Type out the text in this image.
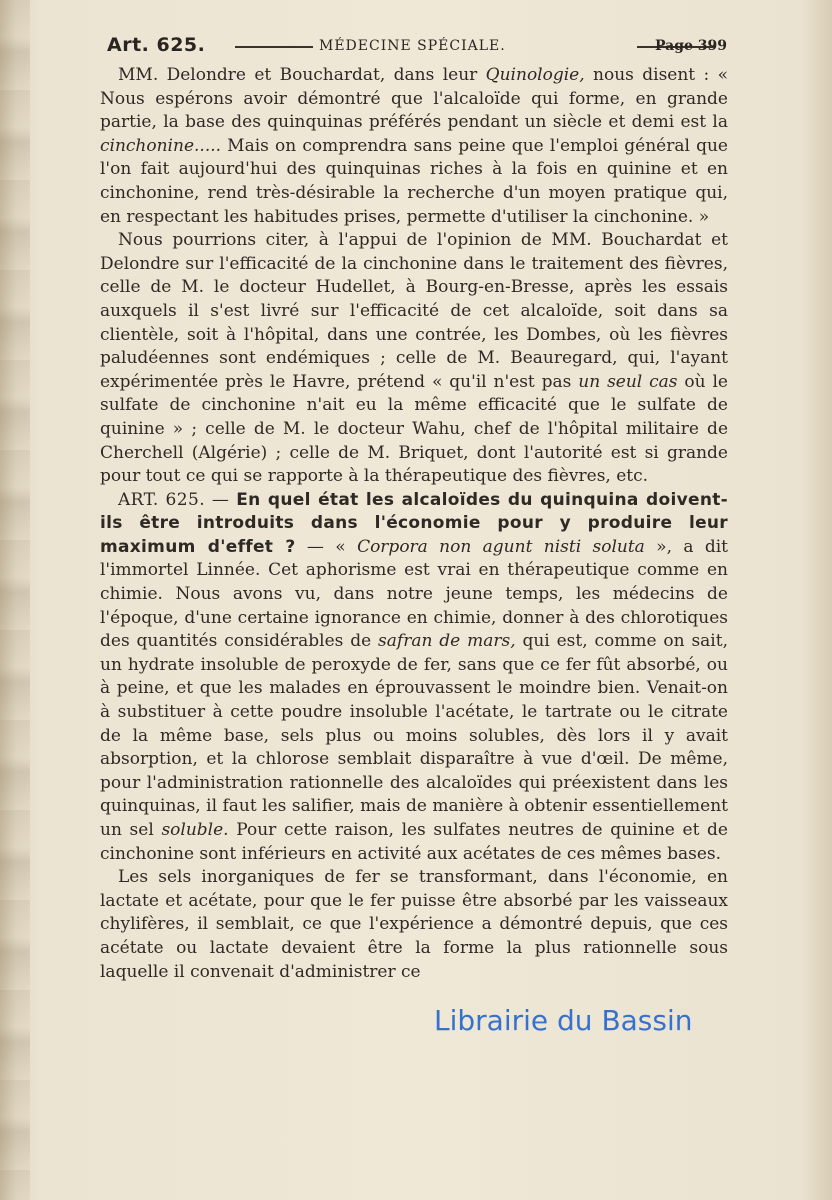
Art. 625.	MÉDECINE SPÉCIALE.	Page 399

MM. Delondre et Bouchardat, dans leur Quinologie, nous disent : « Nous espérons avoir démontré que l'alcaloïde qui forme, en grande partie, la base des quinquinas préférés pendant un siècle et demi est la cinchonine..... Mais on comprendra sans peine que l'emploi général que l'on fait aujourd'hui des quinquinas riches à la fois en quinine et en cinchonine, rend très-désirable la recherche d'un moyen pratique qui, en respectant les habitudes prises, permette d'utiliser la cinchonine. »

Nous pourrions citer, à l'appui de l'opinion de MM. Bouchardat et Delondre sur l'efficacité de la cinchonine dans le traitement des fièvres, celle de M. le docteur Hudellet, à Bourg-en-Bresse, après les essais auxquels il s'est livré sur l'efficacité de cet alcaloïde, soit dans sa clientèle, soit à l'hôpital, dans une contrée, les Dombes, où les fièvres paludéennes sont endémiques ; celle de M. Beauregard, qui, l'ayant expérimentée près le Havre, prétend « qu'il n'est pas un seul cas où le sulfate de cinchonine n'ait eu la même efficacité que le sulfate de quinine » ; celle de M. le docteur Wahu, chef de l'hôpital militaire de Cherchell (Algérie) ; celle de M. Briquet, dont l'autorité est si grande pour tout ce qui se rapporte à la thérapeutique des fièvres, etc.

ART. 625. — En quel état les alcaloïdes du quinquina doivent-ils être introduits dans l'économie pour y produire leur maximum d'effet ? — « Corpora non agunt nisti soluta », a dit l'immortel Linnée. Cet aphorisme est vrai en thérapeutique comme en chimie. Nous avons vu, dans notre jeune temps, les médecins de l'époque, d'une certaine ignorance en chimie, donner à des chlorotiques des quantités considérables de safran de mars, qui est, comme on sait, un hydrate insoluble de peroxyde de fer, sans que ce fer fût absorbé, ou à peine, et que les malades en éprouvassent le moindre bien. Venait-on à substituer à cette poudre insoluble l'acétate, le tartrate ou le citrate de la même base, sels plus ou moins solubles, dès lors il y avait absorption, et la chlorose semblait disparaître à vue d'œil. De même, pour l'administration rationnelle des alcaloïdes qui préexistent dans les quinquinas, il faut les salifier, mais de manière à obtenir essentiellement un sel soluble. Pour cette raison, les sulfates neutres de quinine et de cinchonine sont inférieurs en activité aux acétates de ces mêmes bases.

Les sels inorganiques de fer se transformant, dans l'économie, en lactate et acétate, pour que le fer puisse être absorbé par les vaisseaux chylifères, il semblait, ce que l'expérience a démontré depuis, que ces acétate ou lactate devaient être la forme la plus rationnelle sous laquelle il convenait d'administrer ce

Librairie du Bassin
